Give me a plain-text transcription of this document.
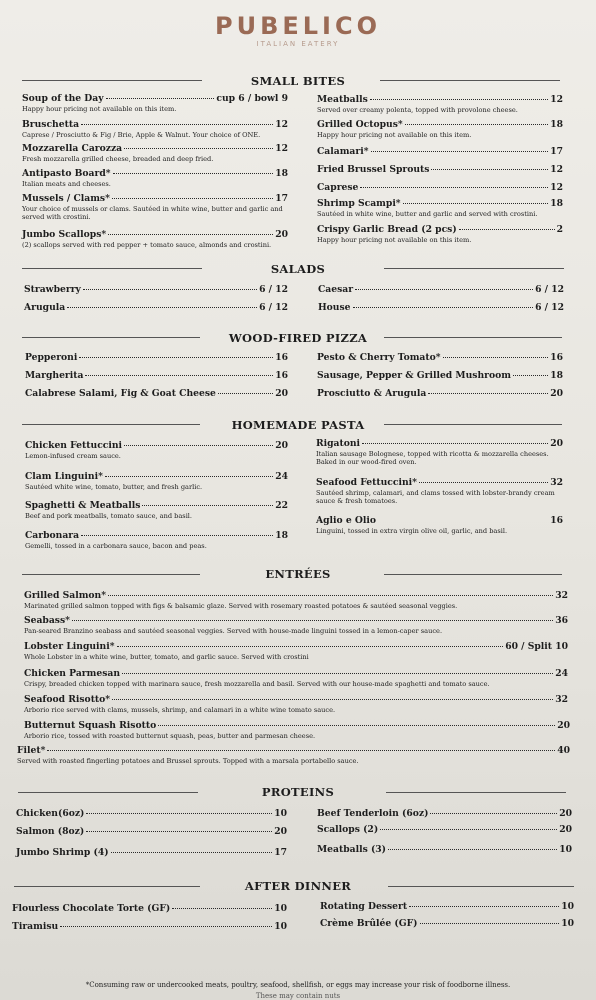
PUBELICO
ITALIAN EATERY
SMALL BITES
Soup of the Day	cup 6 / bowl 9
Happy hour pricing not available on this item.
Bruschetta	12
Caprese / Prosciutto & Fig / Brie, Apple & Walnut. Your choice of ONE.
Mozzarella Carozza	12
Fresh mozzarella grilled cheese, breaded and deep fried.
Antipasto Board*	18
Italian meats and cheeses.
Mussels / Clams*	17
Your choice of mussels or clams. Sautéed in white wine, butter and garlic and served with crostini.
Jumbo Scallops*	20
(2) scallops served with red pepper + tomato sauce, almonds and crostini.
Meatballs	12
Served over creamy polenta, topped with provolone cheese.
Grilled Octopus*	18
Happy hour pricing not available on this item.
Calamari*	17
Fried Brussel Sprouts	12
Caprese	12
Shrimp Scampi*	18
Sautéed in white wine, butter and garlic and served with crostini.
Crispy Garlic Bread (2 pcs)	2
Happy hour pricing not available on this item.
SALADS
Strawberry	6 / 12
Arugula	6 / 12
Caesar	6 / 12
House	6 / 12
WOOD-FIRED PIZZA
Pepperoni	16
Margherita	16
Calabrese Salami, Fig & Goat Cheese	20
Pesto & Cherry Tomato*	16
Sausage, Pepper & Grilled Mushroom	18
Prosciutto & Arugula	20
HOMEMADE PASTA
Chicken Fettuccini	20
Lemon-infused cream sauce.
Clam Linguini*	24
Sautéed white wine, tomato, butter, and fresh garlic.
Spaghetti & Meatballs	22
Beef and pork meatballs, tomato sauce, and basil.
Carbonara	18
Gemelli, tossed in a carbonara sauce, bacon and peas.
Rigatoni	20
Italian sausage Bolognese, topped with ricotta & mozzarella cheeses. Baked in our wood-fired oven.
Seafood Fettuccini*	32
Sautéed shrimp, calamari, and clams tossed with lobster-brandy cream sauce & fresh tomatoes.
Aglio e Olio	16
Linguini, tossed in extra virgin olive oil, garlic, and basil.
ENTRÉES
Grilled Salmon*	32
Marinated grilled salmon topped with figs & balsamic glaze. Served with rosemary roasted potatoes & sautéed seasonal veggies.
Seabass*	36
Pan-seared Branzino seabass and sautéed seasonal veggies. Served with house-made linguini tossed in a lemon-caper sauce.
Lobster Linguini*	60 / Split 10
Whole Lobster in a white wine, butter, tomato, and garlic sauce. Served with crostini
Chicken Parmesan	24
Crispy, breaded chicken topped with marinara sauce, fresh mozzarella and basil. Served with our house-made spaghetti and tomato sauce.
Seafood Risotto*	32
Arborio rice served with clams, mussels, shrimp, and calamari in a white wine tomato sauce.
Butternut Squash Risotto	20
Arborio rice, tossed with roasted butternut squash, peas, butter and parmesan cheese.
Filet*	40
Served with roasted fingerling potatoes and Brussel sprouts. Topped with a marsala portabello sauce.
PROTEINS
Chicken(6oz)	10
Salmon (8oz)	20
Jumbo Shrimp (4)	17
Beef Tenderloin (6oz)	20
Scallops (2)	20
Meatballs (3)	10
AFTER DINNER
Flourless Chocolate Torte (GF)	10
Tiramisu	10
Rotating Dessert	10
Crème Brûlée (GF)	10
*Consuming raw or undercooked meats, poultry, seafood, shellfish, or eggs may increase your risk of foodborne illness.
These may contain nuts
